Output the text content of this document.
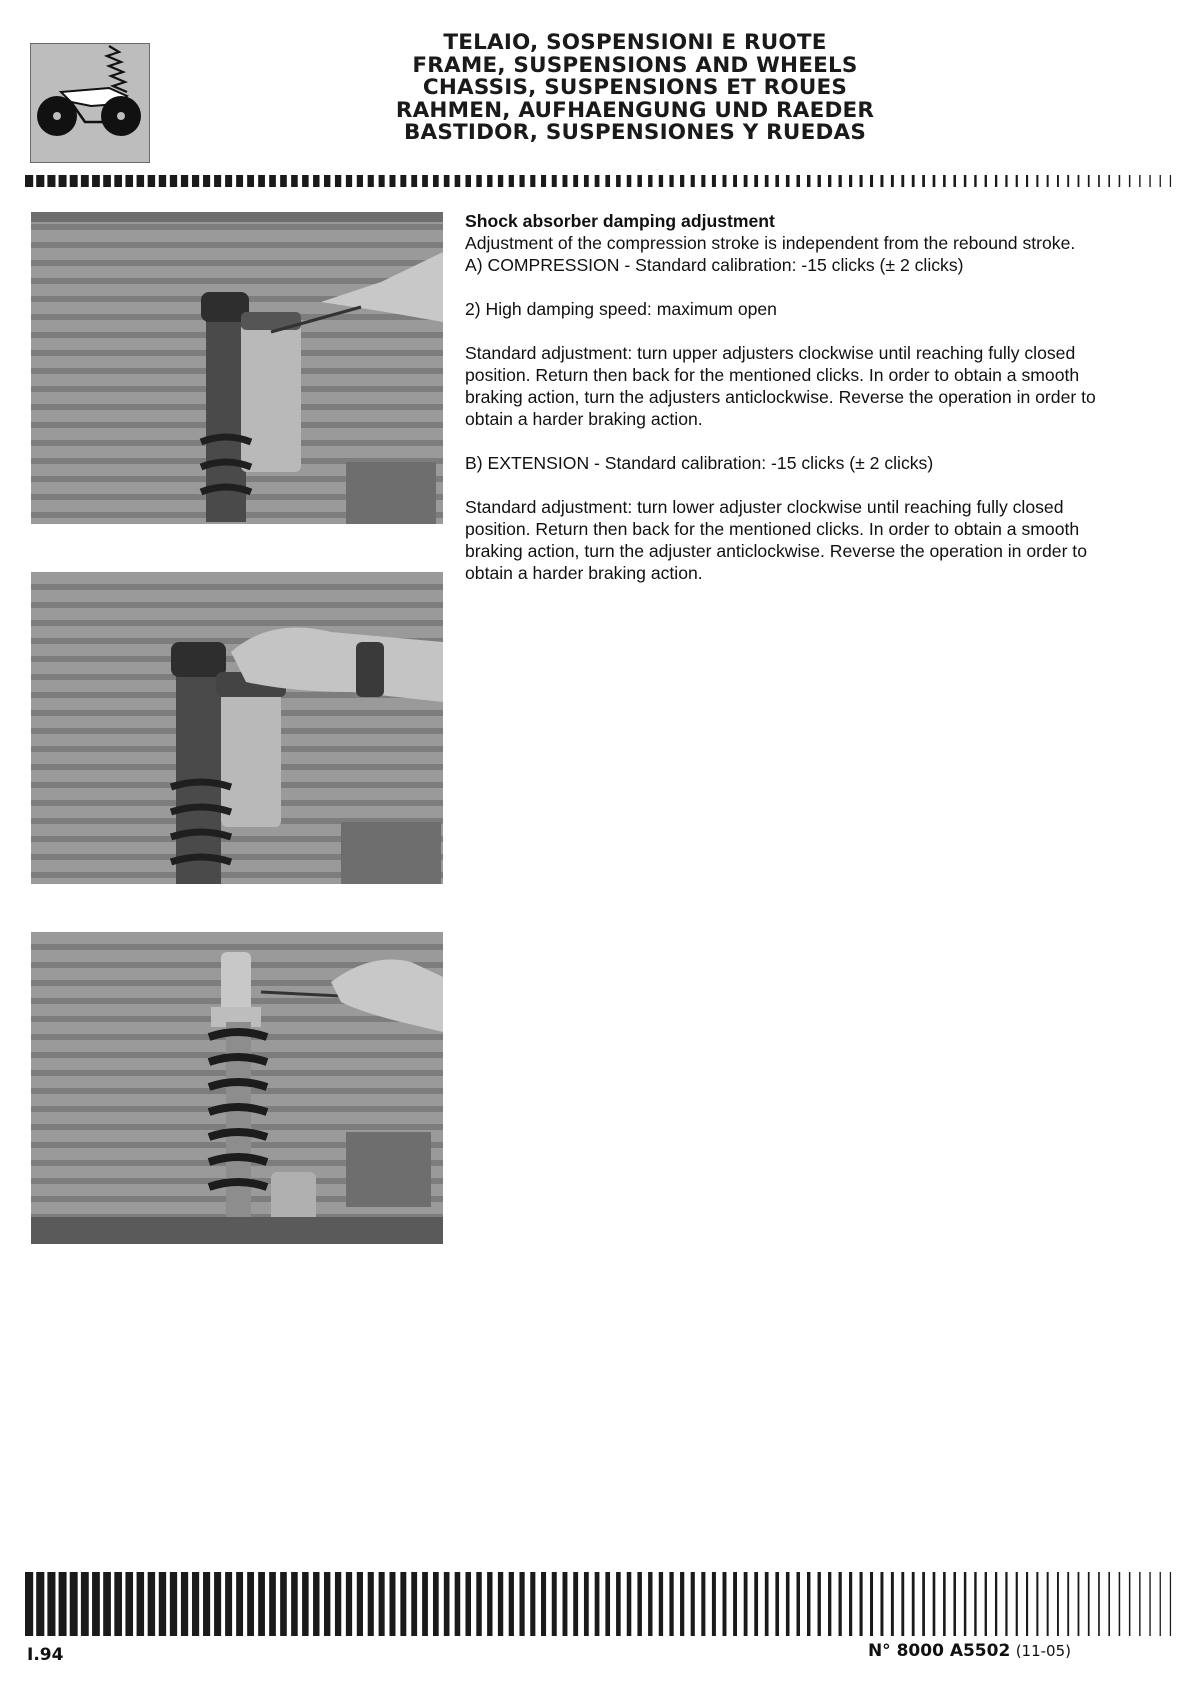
TELAIO, SOSPENSIONI E RUOTE
FRAME, SUSPENSIONS AND WHEELS
CHASSIS, SUSPENSIONS ET ROUES
RAHMEN, AUFHAENGUNG UND RAEDER
BASTIDOR, SUSPENSIONES Y RUEDAS

Shock absorber damping adjustment

Adjustment of the compression stroke is independent from the rebound stroke.

A) COMPRESSION - Standard calibration: -15 clicks (± 2 clicks)

2) High damping speed: maximum open

Standard adjustment: turn upper adjusters clockwise until reaching fully closed position. Return then back for the mentioned clicks. In order to obtain a smooth braking action, turn the adjusters anticlockwise. Reverse the operation in order to obtain a harder braking action.

B) EXTENSION - Standard calibration: -15 clicks (± 2 clicks)

Standard adjustment: turn lower adjuster clockwise until reaching fully closed position. Return then back for the mentioned clicks. In order to obtain a smooth braking action, turn the adjuster anticlockwise. Reverse the operation in order to obtain a harder braking action.

I.94	N° 8000 A5502 (11-05)
